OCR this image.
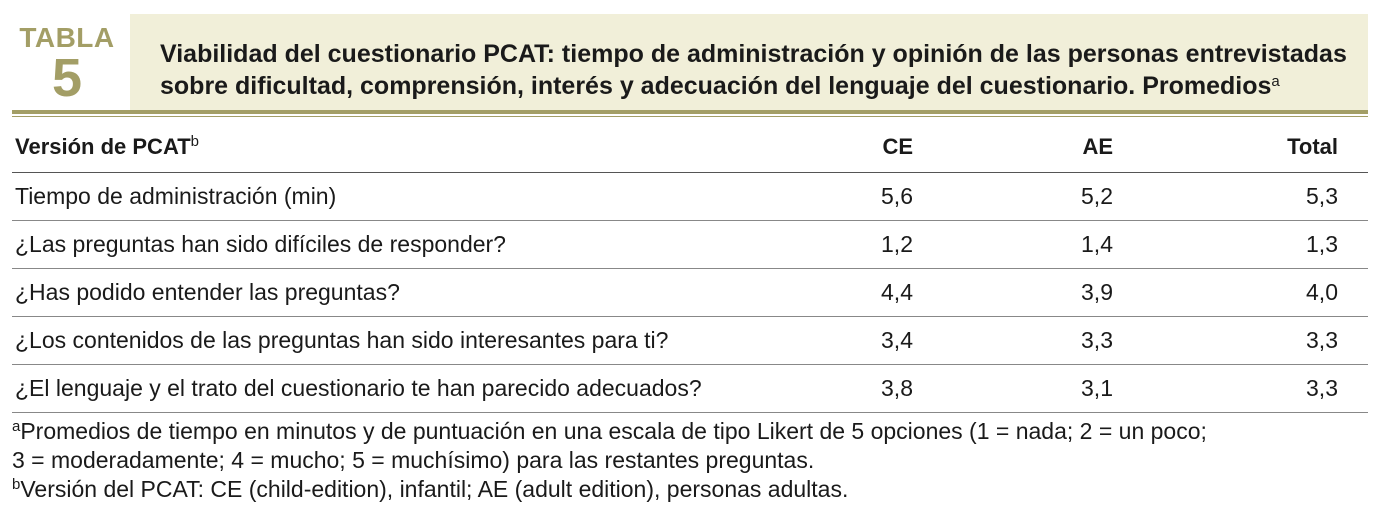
TABLA
5	Viabilidad del cuestionario PCAT: tiempo de administración y opinión de las personas entrevistadas sobre dificultad, comprensión, interés y adecuación del lenguaje del cuestionario. Promedios$^a$
Versión de PCAT$^b$	CE	AE	Total
Tiempo de administración (min)	5,6	5,2	5,3
¿Las preguntas han sido difíciles de responder?	1,2	1,4	1,3
¿Has podido entender las preguntas?	4,4	3,9	4,0
¿Los contenidos de las preguntas han sido interesantes para ti?	3,4	3,3	3,3
¿El lenguaje y el trato del cuestionario te han parecido adecuados?	3,8	3,1	3,3
$^a$Promedios de tiempo en minutos y de puntuación en una escala de tipo Likert de 5 opciones (1 = nada; 2 = un poco;
3 = moderadamente; 4 = mucho; 5 = muchísimo) para las restantes preguntas.
$^b$Versión del PCAT: CE (child-edition), infantil; AE (adult edition), personas adultas.
